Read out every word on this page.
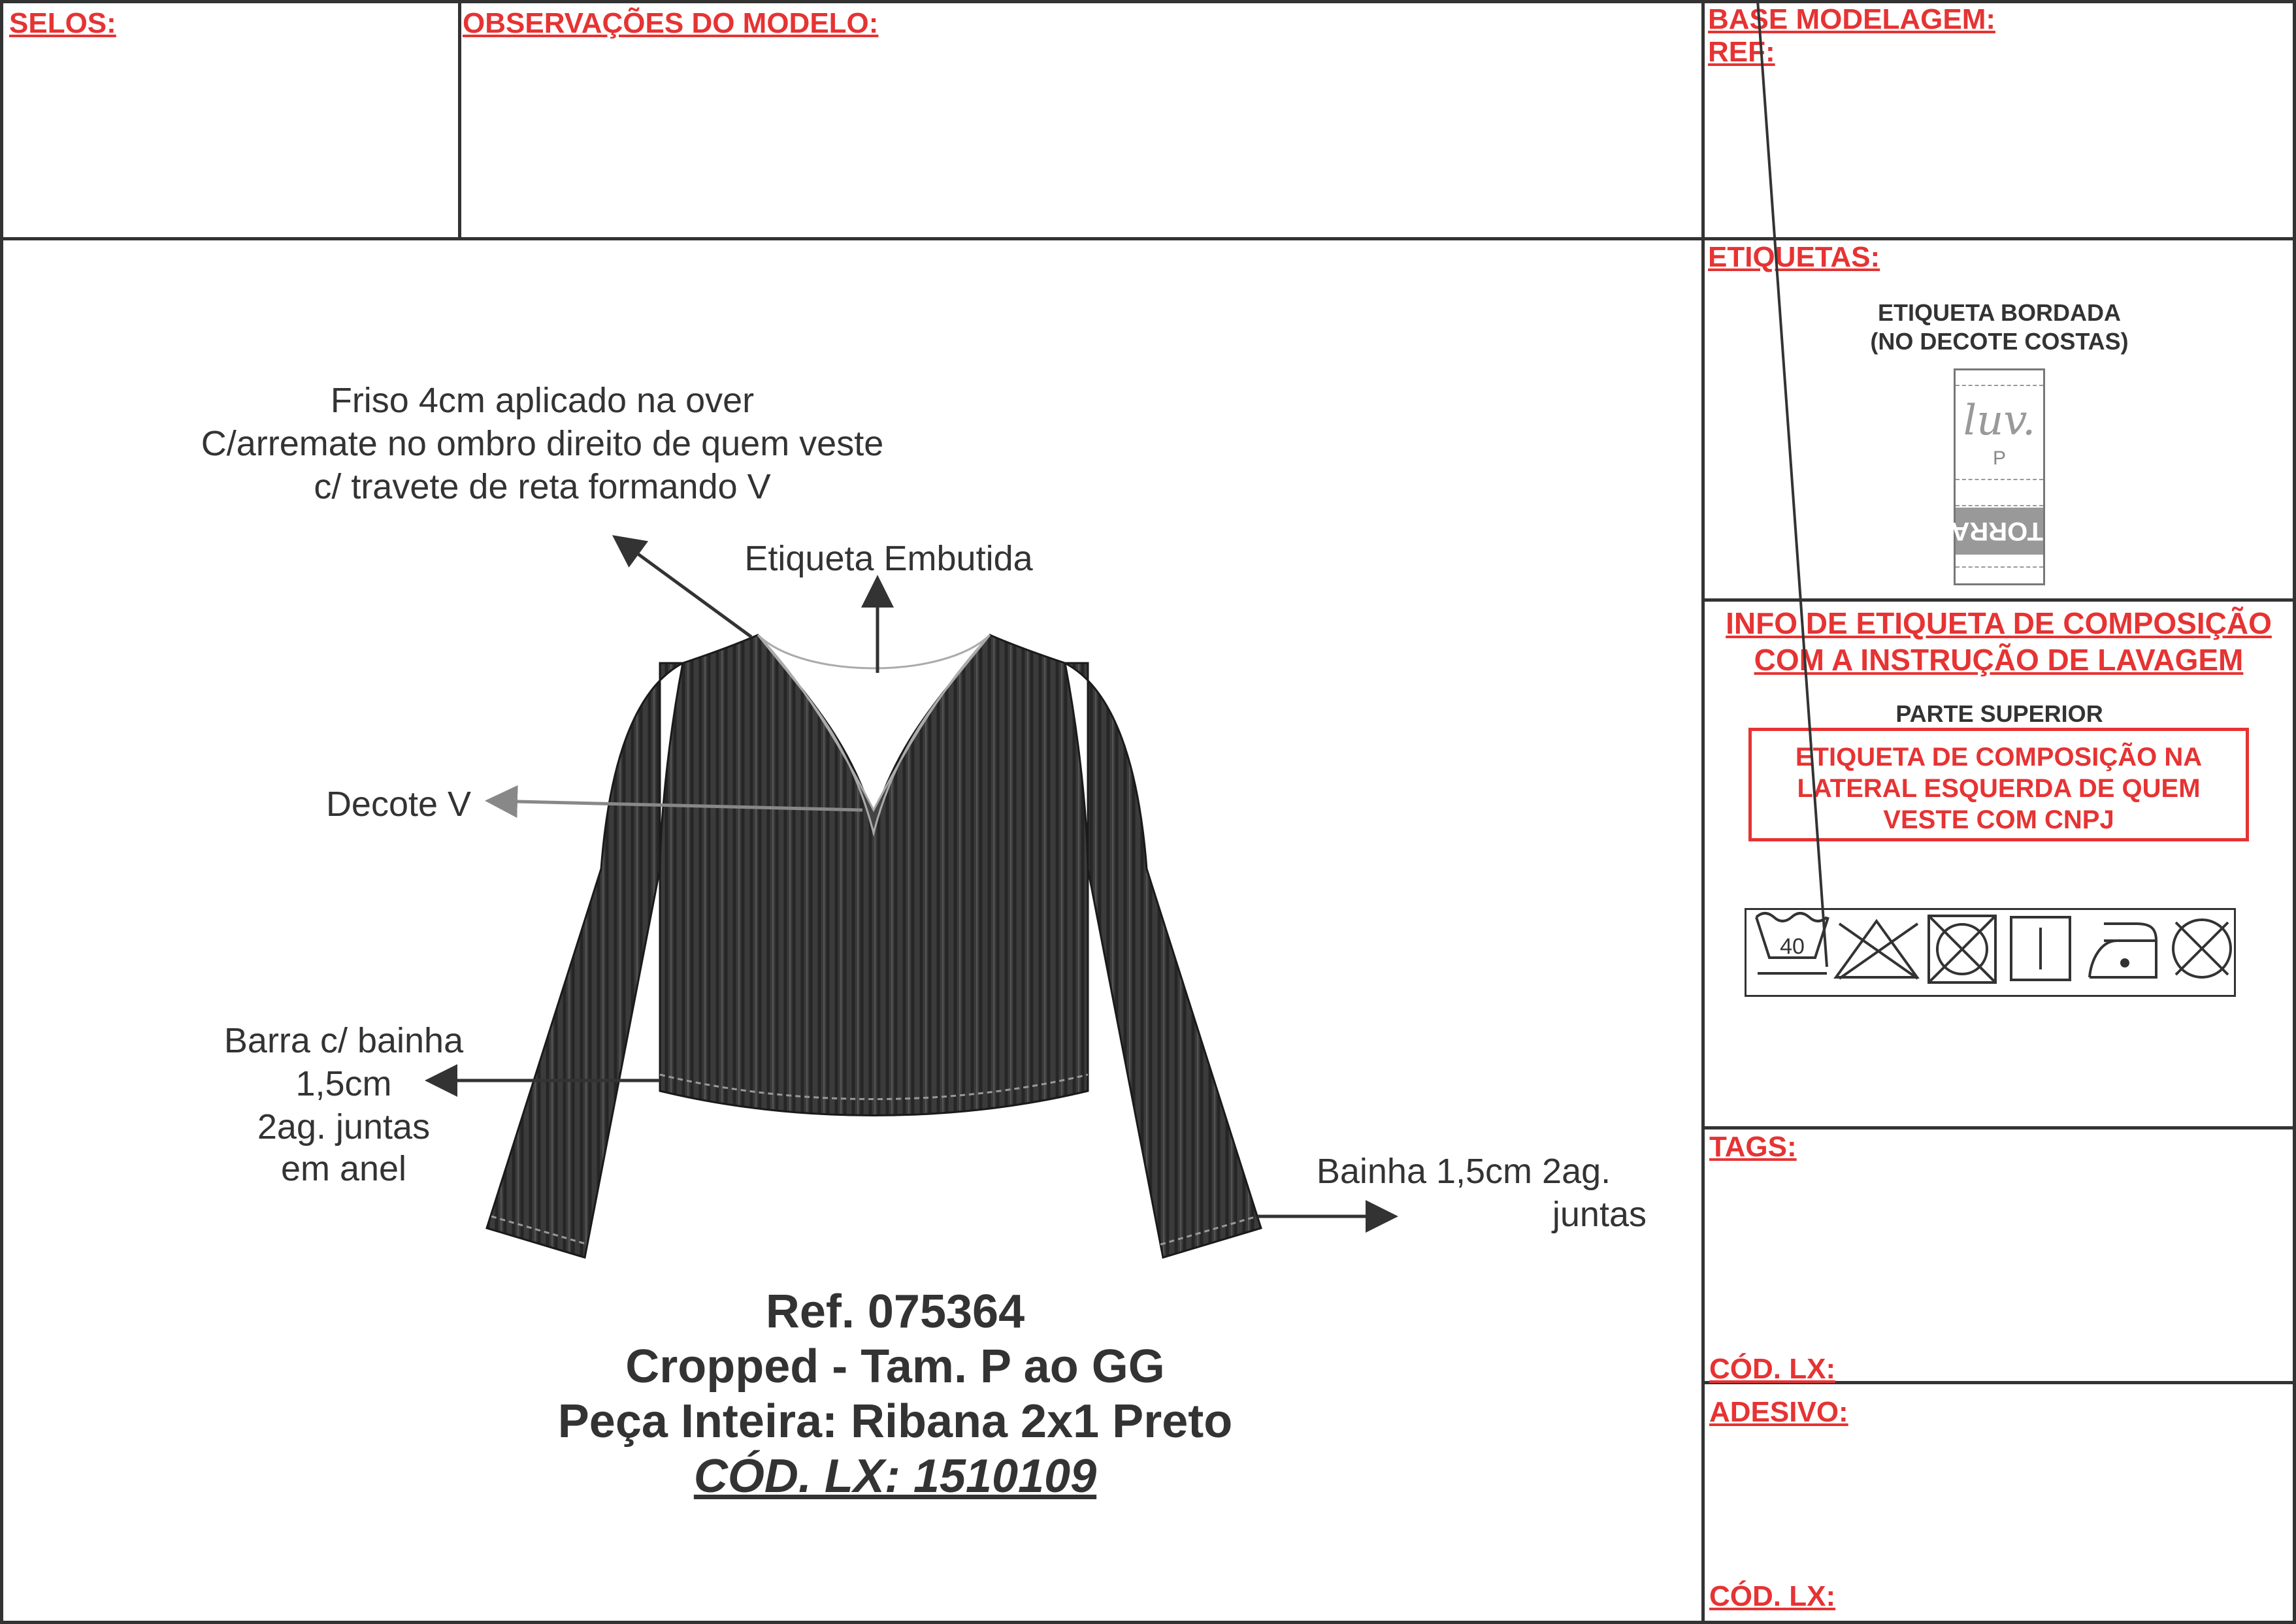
SELOS:	OBSERVAÇÕES DO MODELO:	BASE MODELAGEM:
REF:
ETIQUETAS:
ETIQUETA BORDADA
(NO DECOTE COSTAS)
luv.
P
TORRA
INFO DE ETIQUETA DE COMPOSIÇÃO
COM A INSTRUÇÃO DE LAVAGEM
PARTE SUPERIOR
ETIQUETA DE COMPOSIÇÃO NA
LATERAL ESQUERDA DE QUEM
VESTE COM CNPJ
TAGS:
CÓD. LX:
ADESIVO:
CÓD. LX:
Friso 4cm aplicado na over
C/arremate no ombro direito de quem veste
c/ travete de reta formando V
Etiqueta Embutida
Decote V
Barra c/ bainha
1,5cm
2ag. juntas
em anel	Bainha 1,5cm 2ag.
juntas
Ref. 075364
Cropped - Tam. P ao GG
Peça Inteira: Ribana 2x1 Preto
CÓD. LX: 1510109
40
